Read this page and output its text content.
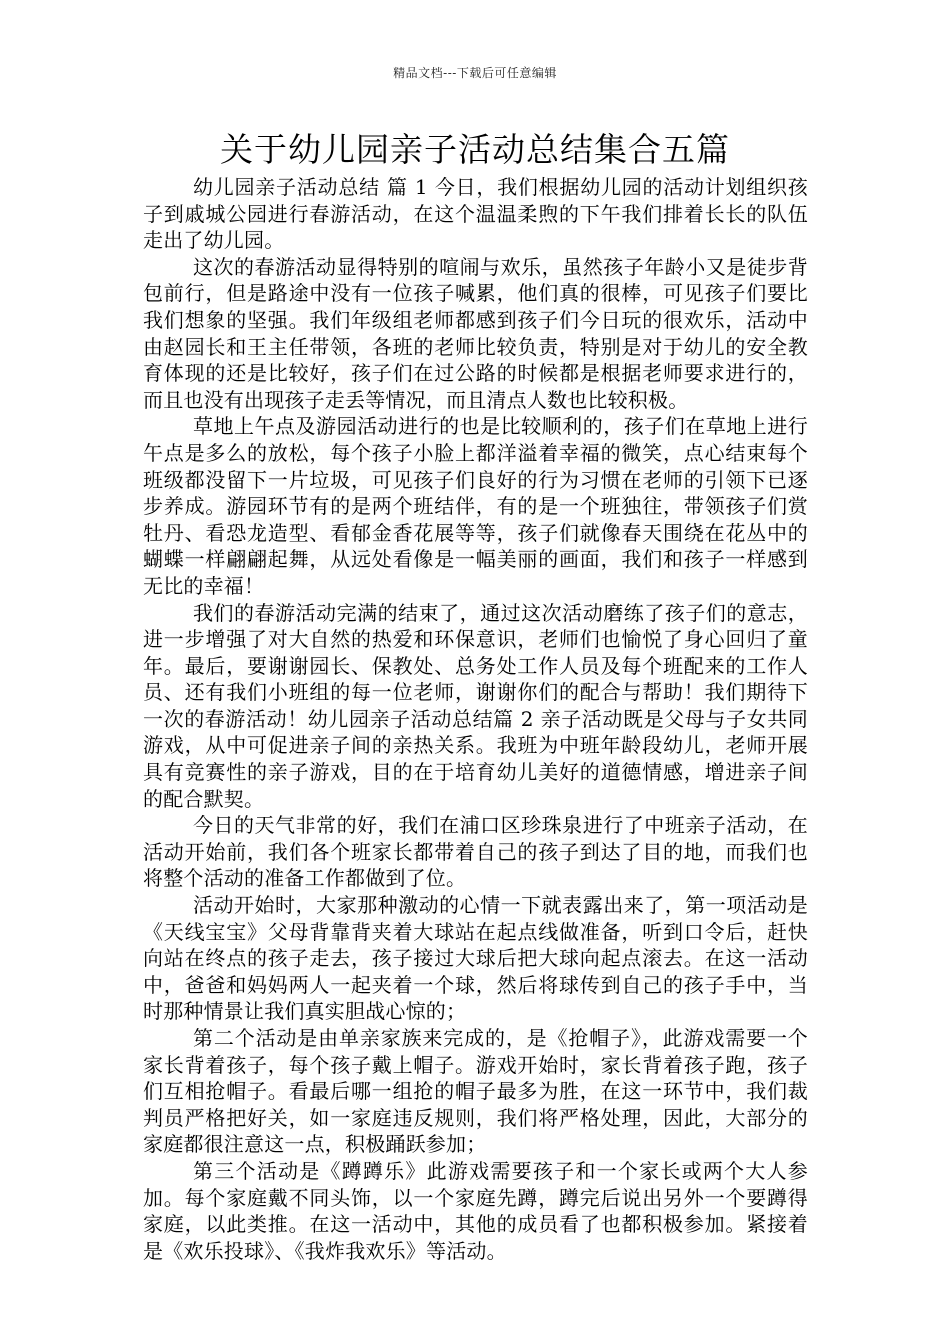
精品文档---下载后可任意编辑
关于幼儿园亲子活动总结集合五篇

幼儿园亲子活动总结 篇 1 今日，我们根据幼儿园的活动计划组织孩子到戚城公园进行春游活动，在这个温温柔煦的下午我们排着长长的队伍走出了幼儿园。

这次的春游活动显得特别的喧闹与欢乐，虽然孩子年龄小又是徒步背包前行，但是路途中没有一位孩子喊累，他们真的很棒，可见孩子们要比我们想象的坚强。我们年级组老师都感到孩子们今日玩的很欢乐，活动中由赵园长和王主任带领，各班的老师比较负责，特别是对于幼儿的安全教育体现的还是比较好，孩子们在过公路的时候都是根据老师要求进行的，而且也没有出现孩子走丢等情况，而且清点人数也比较积极。

草地上午点及游园活动进行的也是比较顺利的，孩子们在草地上进行午点是多么的放松，每个孩子小脸上都洋溢着幸福的微笑，点心结束每个班级都没留下一片垃圾，可见孩子们良好的行为习惯在老师的引领下已逐步养成。游园环节有的是两个班结伴，有的是一个班独往，带领孩子们赏牡丹、看恐龙造型、看郁金香花展等等，孩子们就像春天围绕在花丛中的蝴蝶一样翩翩起舞，从远处看像是一幅美丽的画面，我们和孩子一样感到无比的幸福！

我们的春游活动完满的结束了，通过这次活动磨练了孩子们的意志，进一步增强了对大自然的热爱和环保意识，老师们也愉悦了身心回归了童年。最后，要谢谢园长、保教处、总务处工作人员及每个班配来的工作人员、还有我们小班组的每一位老师，谢谢你们的配合与帮助！我们期待下一次的春游活动！幼儿园亲子活动总结篇 2 亲子活动既是父母与子女共同游戏，从中可促进亲子间的亲热关系。我班为中班年龄段幼儿，老师开展具有竞赛性的亲子游戏，目的在于培育幼儿美好的道德情感，增进亲子间的配合默契。

今日的天气非常的好，我们在浦口区珍珠泉进行了中班亲子活动，在活动开始前，我们各个班家长都带着自己的孩子到达了目的地，而我们也将整个活动的准备工作都做到了位。

活动开始时，大家那种激动的心情一下就表露出来了，第一项活动是《天线宝宝》父母背靠背夹着大球站在起点线做准备，听到口令后，赶快向站在终点的孩子走去，孩子接过大球后把大球向起点滚去。在这一活动中，爸爸和妈妈两人一起夹着一个球，然后将球传到自己的孩子手中，当时那种情景让我们真实胆战心惊的；

第二个活动是由单亲家族来完成的，是《抢帽子》，此游戏需要一个家长背着孩子，每个孩子戴上帽子。游戏开始时，家长背着孩子跑，孩子们互相抢帽子。看最后哪一组抢的帽子最多为胜，在这一环节中，我们裁判员严格把好关，如一家庭违反规则，我们将严格处理，因此，大部分的家庭都很注意这一点，积极踊跃参加；

第三个活动是《蹲蹲乐》此游戏需要孩子和一个家长或两个大人参加。每个家庭戴不同头饰，以一个家庭先蹲，蹲完后说出另外一个要蹲得家庭，以此类推。在这一活动中，其他的成员看了也都积极参加。紧接着是《欢乐投球》、《我炸我欢乐》等活动。
